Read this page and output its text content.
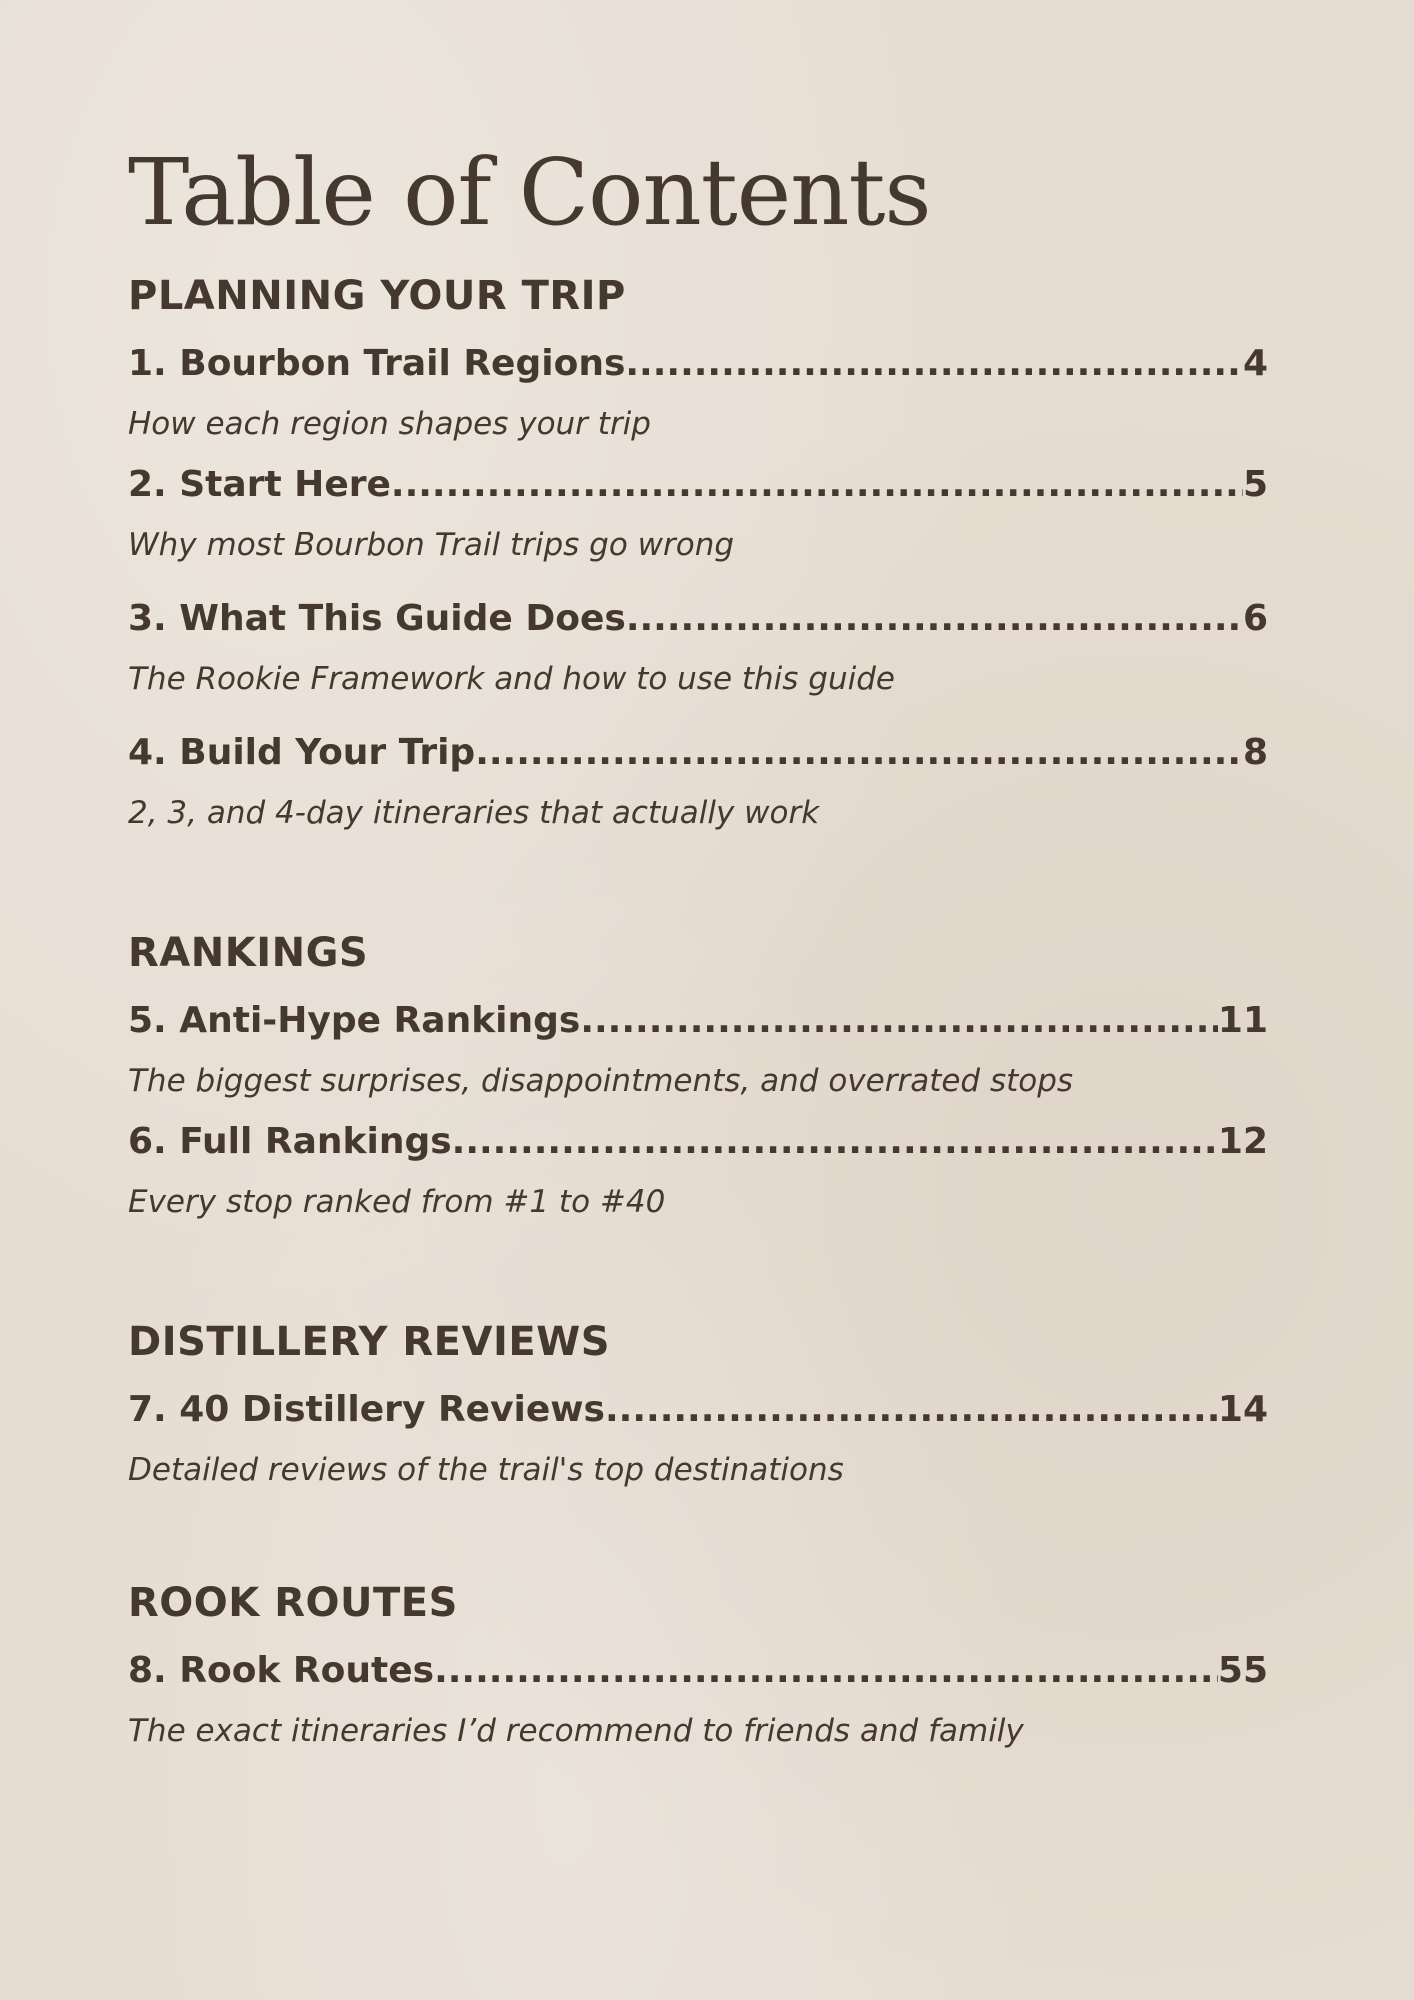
Table of Contents
PLANNING YOUR TRIP
1. Bourbon Trail Regions .....	4
How each region shapes your trip
2. Start Here .....	5
Why most Bourbon Trail trips go wrong
3. What This Guide Does .....	6
The Rookie Framework and how to use this guide
4. Build Your Trip .....	8
2, 3, and 4-day itineraries that actually work
RANKINGS
5. Anti-Hype Rankings .....	11
The biggest surprises, disappointments, and overrated stops
6. Full Rankings .....	12
Every stop ranked from #1 to #40
DISTILLERY REVIEWS
7. 40 Distillery Reviews .....	14
Detailed reviews of the trail's top destinations
ROOK ROUTES
8. Rook Routes .....	55
The exact itineraries I’d recommend to friends and family
